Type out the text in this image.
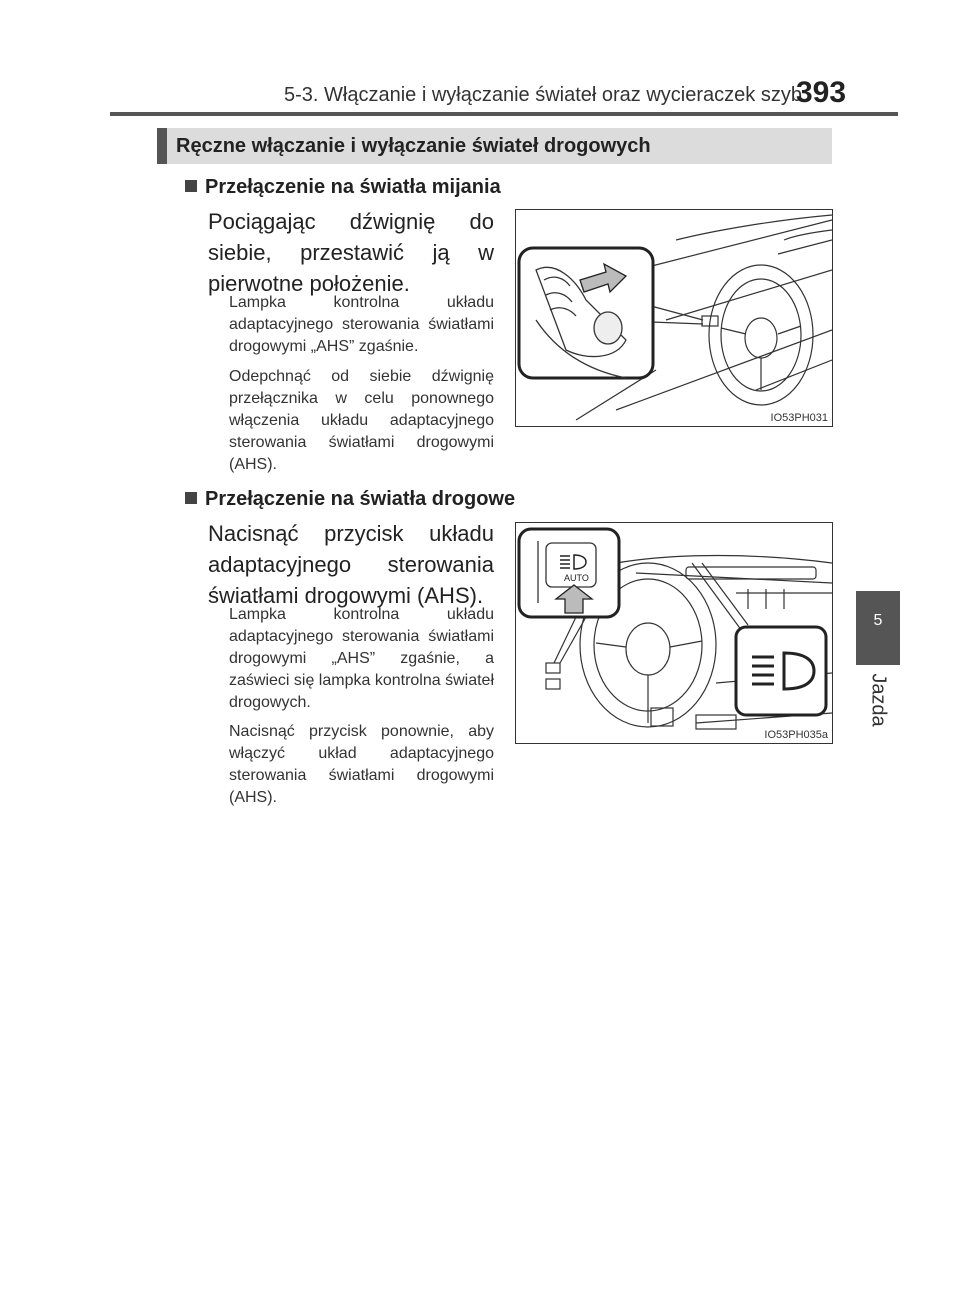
5-3. Włączanie i wyłączanie świateł oraz wycieraczek szyb
393
5
Jazda
Ręczne włączanie i wyłączanie świateł drogowych
Przełączenie na światła mijania
Pociągając dźwignię do siebie, przestawić ją w pierwotne położenie.
Lampka kontrolna układu adaptacyjnego sterowania światłami drogowymi „AHS” zgaśnie.
Odepchnąć od siebie dźwignię przełącznika w celu ponownego włączenia układu adaptacyjnego sterowania światłami drogowymi (AHS).
IO53PH031
Przełączenie na światła drogowe
Nacisnąć przycisk układu adaptacyjnego sterowania światłami drogowymi (AHS).
Lampka kontrolna układu adaptacyjnego sterowania światłami drogowymi „AHS” zgaśnie, a zaświeci się lampka kontrolna świateł drogowych.
Nacisnąć przycisk ponownie, aby włączyć układ adaptacyjnego sterowania światłami drogowymi (AHS).
AUTO
IO53PH035a
